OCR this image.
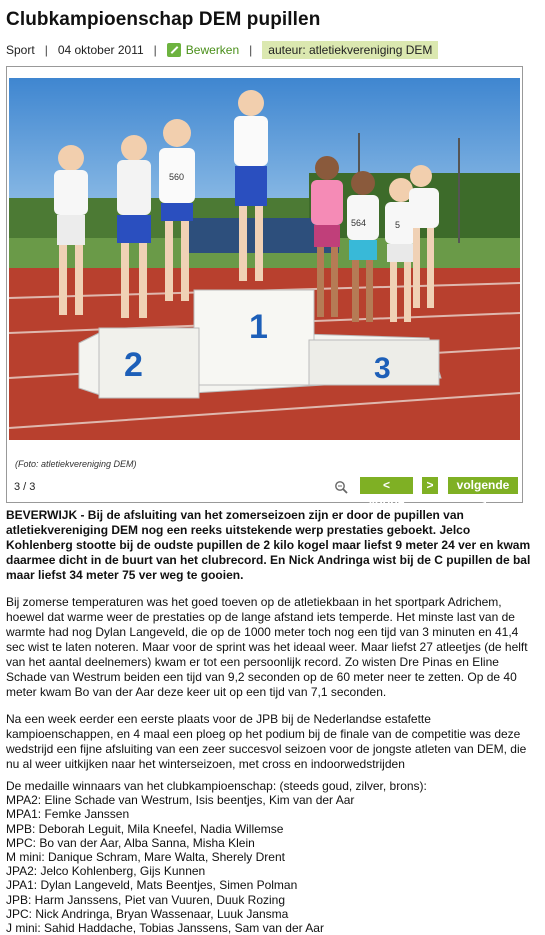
Clubkampioenschap DEM pupillen
Sport | 04 oktober 2011 | Bewerken |	auteur: atletiekvereniging DEM
1
2	3
560
564	5
(Foto: atletiekvereniging DEM)
3 / 3	< vorige
>	volgende >
BEVERWIJK - Bij de afsluiting van het zomerseizoen zijn er door de pupillen van atletiekvereniging DEM nog een reeks uitstekende werp prestaties geboekt. Jelco Kohlenberg stootte bij de oudste pupillen de 2 kilo kogel maar liefst 9 meter 24 ver en kwam daarmee dicht in de buurt van het clubrecord. En Nick Andringa wist bij de C pupillen de bal maar liefst 34 meter 75 ver weg te gooien.

Bij zomerse temperaturen was het goed toeven op de atletiekbaan in het sportpark Adrichem, hoewel dat warme weer de prestaties op de lange afstand iets temperde. Het minste last van de warmte had nog Dylan Langeveld, die op de 1000 meter toch nog een tijd van 3 minuten en 41,4 sec wist te laten noteren. Maar voor de sprint was het ideaal weer. Maar liefst 27 atleetjes (de helft van het aantal deelnemers) kwam er tot een persoonlijk record. Zo wisten Dre Pinas en Eline Schade van Westrum beiden een tijd van 9,2 seconden op de 60 meter neer te zetten. Op de 40 meter kwam Bo van der Aar deze keer uit op een tijd van 7,1 seconden.

Na een week eerder een eerste plaats voor de JPB bij de Nederlandse estafette kampioenschappen, en 4 maal een ploeg op het podium bij de finale van de competitie was deze wedstrijd een fijne afsluiting van een zeer succesvol seizoen voor de jongste atleten van DEM, die nu al weer uitkijken naar het winterseizoen, met cross en indoorwedstrijden

De medaille winnaars van het clubkampioenschap: (steeds goud, zilver, brons):
MPA2: Eline Schade van Westrum, Isis beentjes, Kim van der Aar
MPA1: Femke Janssen
MPB: Deborah Leguit, Mila Kneefel, Nadia Willemse
MPC: Bo van der Aar, Alba Sanna, Misha Klein
M mini: Danique Schram, Mare Walta, Sherely Drent
JPA2: Jelco Kohlenberg, Gijs Kunnen
JPA1: Dylan Langeveld, Mats Beentjes, Simen Polman
JPB: Harm Janssens, Piet van Vuuren, Duuk Rozing
JPC: Nick Andringa, Bryan Wassenaar, Luuk Jansma
J mini: Sahid Haddache, Tobias Janssens, Sam van der Aar
